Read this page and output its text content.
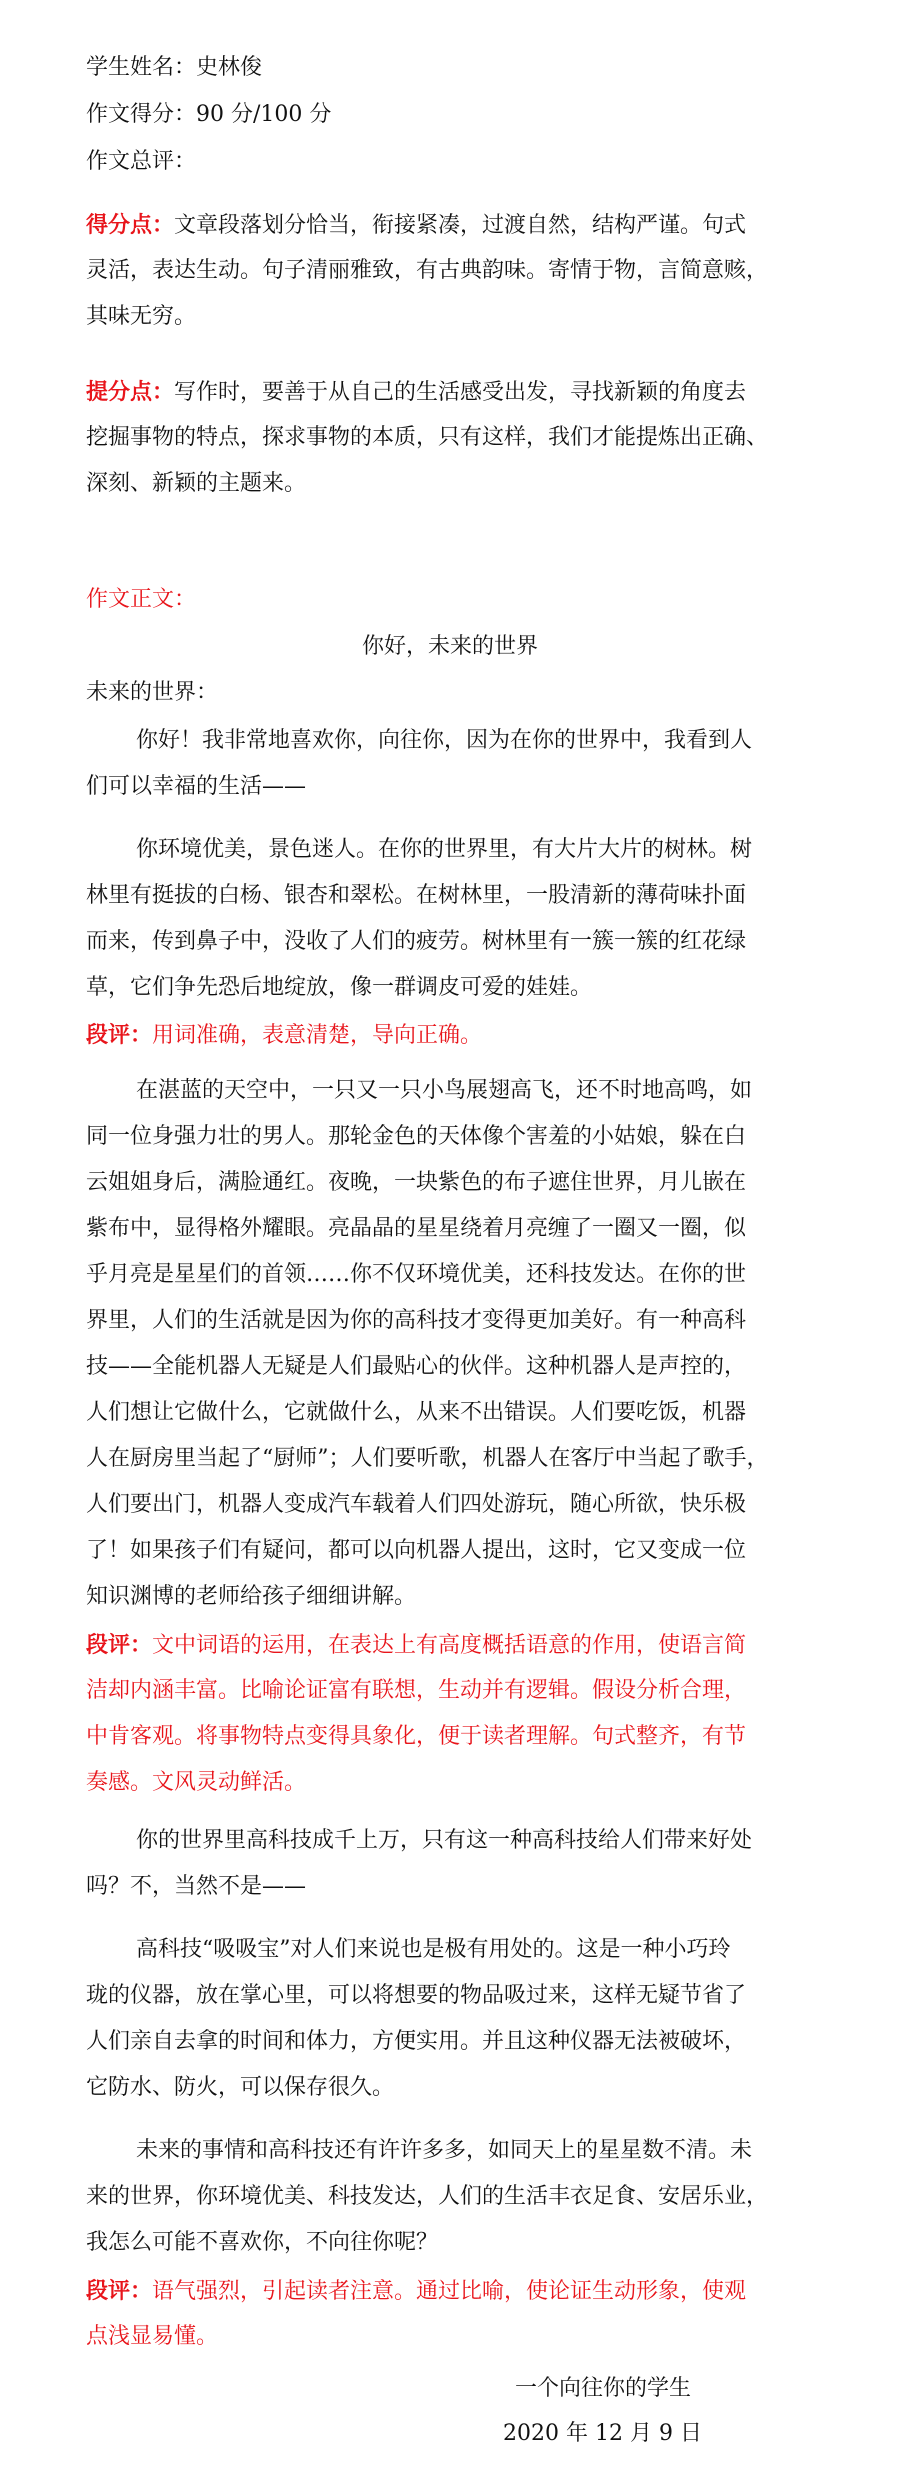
学生姓名：史林俊
作文得分：90 分/100 分
作文总评：
得分点：文章段落划分恰当，衔接紧凑，过渡自然，结构严谨。句式
灵活，表达生动。句子清丽雅致，有古典韵味。寄情于物，言简意赅，
其味无穷。
提分点：写作时，要善于从自己的生活感受出发，寻找新颖的角度去
挖掘事物的特点，探求事物的本质，只有这样，我们才能提炼出正确、
深刻、新颖的主题来。
作文正文：
你好，未来的世界
未来的世界：
你好！我非常地喜欢你，向往你，因为在你的世界中，我看到人
们可以幸福的生活——
你环境优美，景色迷人。在你的世界里，有大片大片的树林。树
林里有挺拔的白杨、银杏和翠松。在树林里，一股清新的薄荷味扑面
而来，传到鼻子中，没收了人们的疲劳。树林里有一簇一簇的红花绿
草，它们争先恐后地绽放，像一群调皮可爱的娃娃。
段评：用词准确，表意清楚，导向正确。
在湛蓝的天空中，一只又一只小鸟展翅高飞，还不时地高鸣，如
同一位身强力壮的男人。那轮金色的天体像个害羞的小姑娘，躲在白
云姐姐身后，满脸通红。夜晚，一块紫色的布子遮住世界，月儿嵌在
紫布中，显得格外耀眼。亮晶晶的星星绕着月亮缠了一圈又一圈，似
乎月亮是星星们的首领……你不仅环境优美，还科技发达。在你的世
界里，人们的生活就是因为你的高科技才变得更加美好。有一种高科
技——全能机器人无疑是人们最贴心的伙伴。这种机器人是声控的，
人们想让它做什么，它就做什么，从来不出错误。人们要吃饭，机器
人在厨房里当起了“厨师”；人们要听歌，机器人在客厅中当起了歌手，
人们要出门，机器人变成汽车载着人们四处游玩，随心所欲，快乐极
了！如果孩子们有疑问，都可以向机器人提出，这时，它又变成一位
知识渊博的老师给孩子细细讲解。
段评：文中词语的运用，在表达上有高度概括语意的作用，使语言简
洁却内涵丰富。比喻论证富有联想，生动并有逻辑。假设分析合理，
中肯客观。将事物特点变得具象化，便于读者理解。句式整齐，有节
奏感。文风灵动鲜活。
你的世界里高科技成千上万，只有这一种高科技给人们带来好处
吗？不，当然不是——
高科技“吸吸宝”对人们来说也是极有用处的。这是一种小巧玲
珑的仪器，放在掌心里，可以将想要的物品吸过来，这样无疑节省了
人们亲自去拿的时间和体力，方便实用。并且这种仪器无法被破坏，
它防水、防火，可以保存很久。
未来的事情和高科技还有许许多多，如同天上的星星数不清。未
来的世界，你环境优美、科技发达，人们的生活丰衣足食、安居乐业，
我怎么可能不喜欢你，不向往你呢？
段评：语气强烈，引起读者注意。通过比喻，使论证生动形象，使观
点浅显易懂。
一个向往你的学生
2020 年 12 月 9 日
